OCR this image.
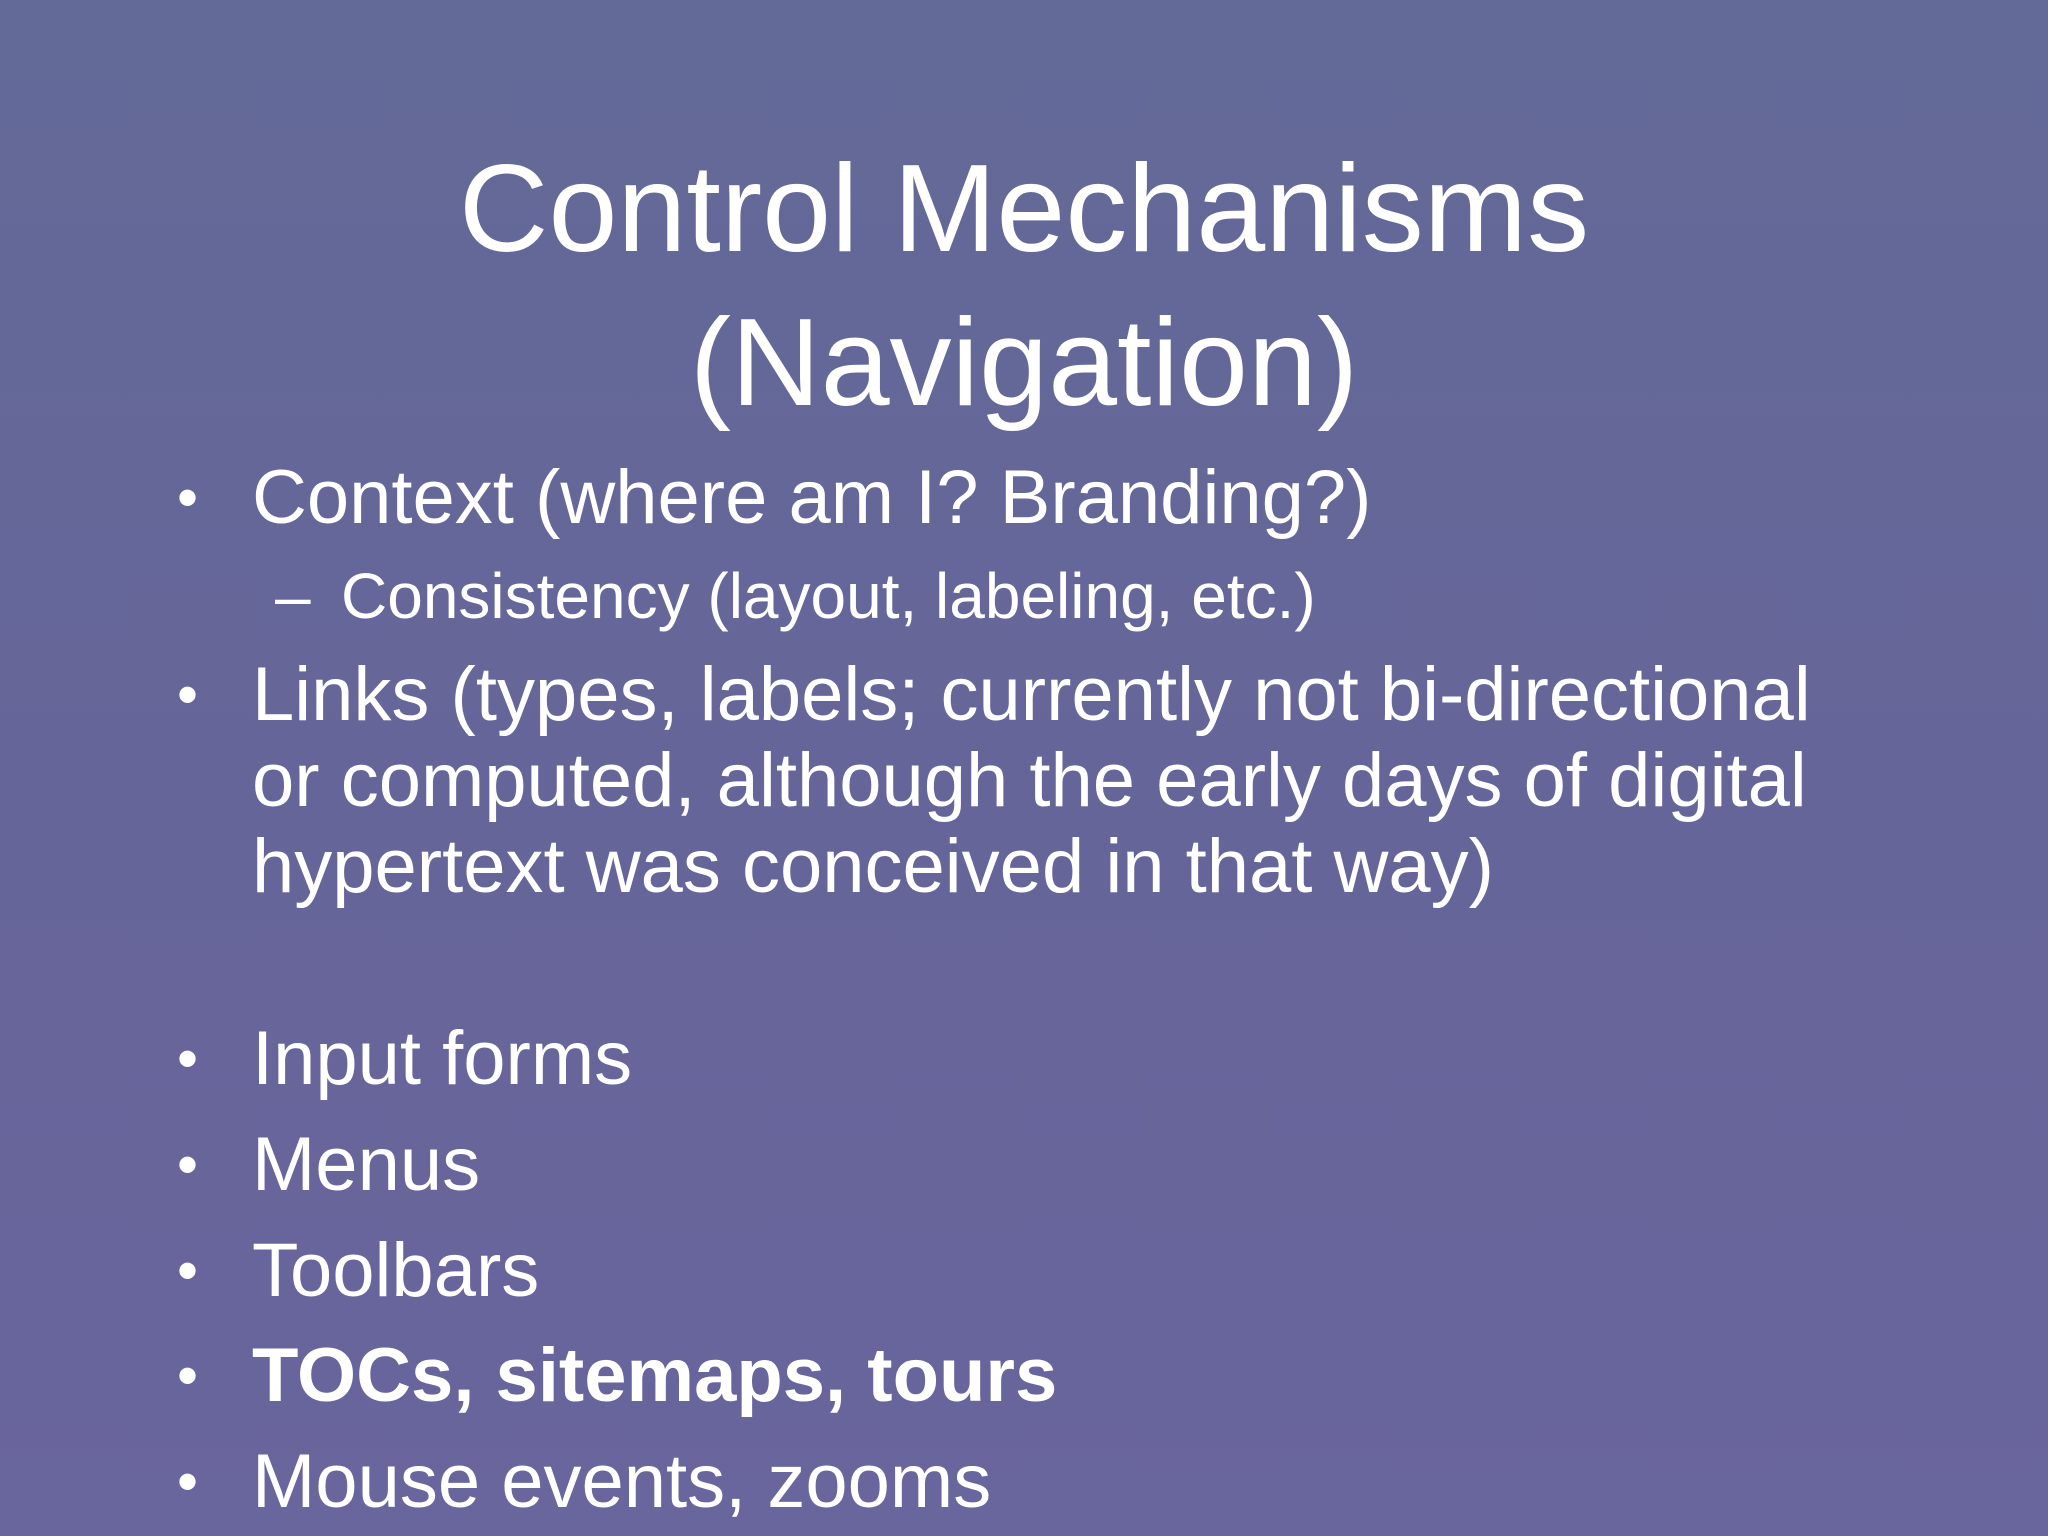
Control Mechanisms
(Navigation)
• Context (where am I? Branding?)
– Consistency (layout, labeling, etc.)
• Links (types, labels; currently not bi-directional or computed, although the early days of digital hypertext was conceived in that way)
• Input forms
• Menus
• Toolbars
• TOCs, sitemaps, tours
• Mouse events, zooms
